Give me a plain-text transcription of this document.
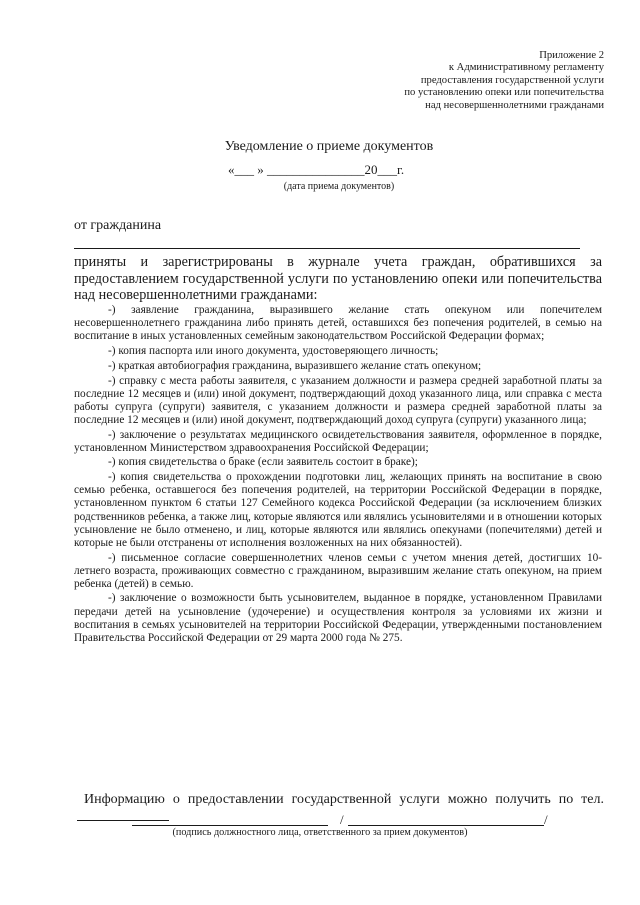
Приложение 2
к Административному регламенту
предоставления государственной услуги
по установлению опеки или попечительства
над несовершеннолетними гражданами
Уведомление о приеме документов
«___ » _______________20___г.
(дата приема документов)
от гражданина
приняты и зарегистрированы в журнале учета граждан, обратившихся за предоставлением государственной услуги по установлению опеки или попечительства над несовершеннолетними гражданами:

-) заявление гражданина, выразившего желание стать опекуном или попечителем несовершеннолетнего гражданина либо принять детей, оставшихся без попечения родителей, в семью на воспитание в иных установленных семейным законодательством Российской Федерации формах;

-) копия паспорта или иного документа, удостоверяющего личность;

-) краткая автобиография гражданина, выразившего желание стать опекуном;

-) справку с места работы заявителя, с указанием должности и размера средней заработной платы за последние 12 месяцев и (или) иной документ, подтверждающий доход указанного лица, или справка с места работы супруга (супруги) заявителя, с указанием должности и размера средней заработной платы за последние 12 месяцев и (или) иной документ, подтверждающий доход супруга (супруги) указанного лица;

-) заключение о результатах медицинского освидетельствования заявителя, оформленное в порядке, установленном Министерством здравоохранения Российской Федерации;

-) копия свидетельства о браке (если заявитель состоит в браке);

-) копия свидетельства о прохождении подготовки лиц, желающих принять на воспитание в свою семью ребенка, оставшегося без попечения родителей, на территории Российской Федерации в порядке, установленном пунктом 6 статьи 127 Семейного кодекса Российской Федерации (за исключением близких родственников ребенка, а также лиц, которые являются или являлись усыновителями и в отношении которых усыновление не было отменено, и лиц, которые являются или являлись опекунами (попечителями) детей и которые не были отстранены от исполнения возложенных на них обязанностей).

-) письменное согласие совершеннолетних членов семьи с учетом мнения детей, достигших 10-летнего возраста, проживающих совместно с гражданином, выразившим желание стать опекуном, на прием ребенка (детей) в семью.

-) заключение о возможности быть усыновителем, выданное в порядке, установленном Правилами передачи детей на усыновление (удочерение) и осуществления контроля за условиями их жизни и воспитания в семьях усыновителей на территории Российской Федерации, утвержденными постановлением Правительства Российской Федерации от 29 марта 2000 года № 275.

Информацию о предоставлении государственной услуги можно получить по тел.
/	/
(подпись должностного лица, ответственного за прием документов)
